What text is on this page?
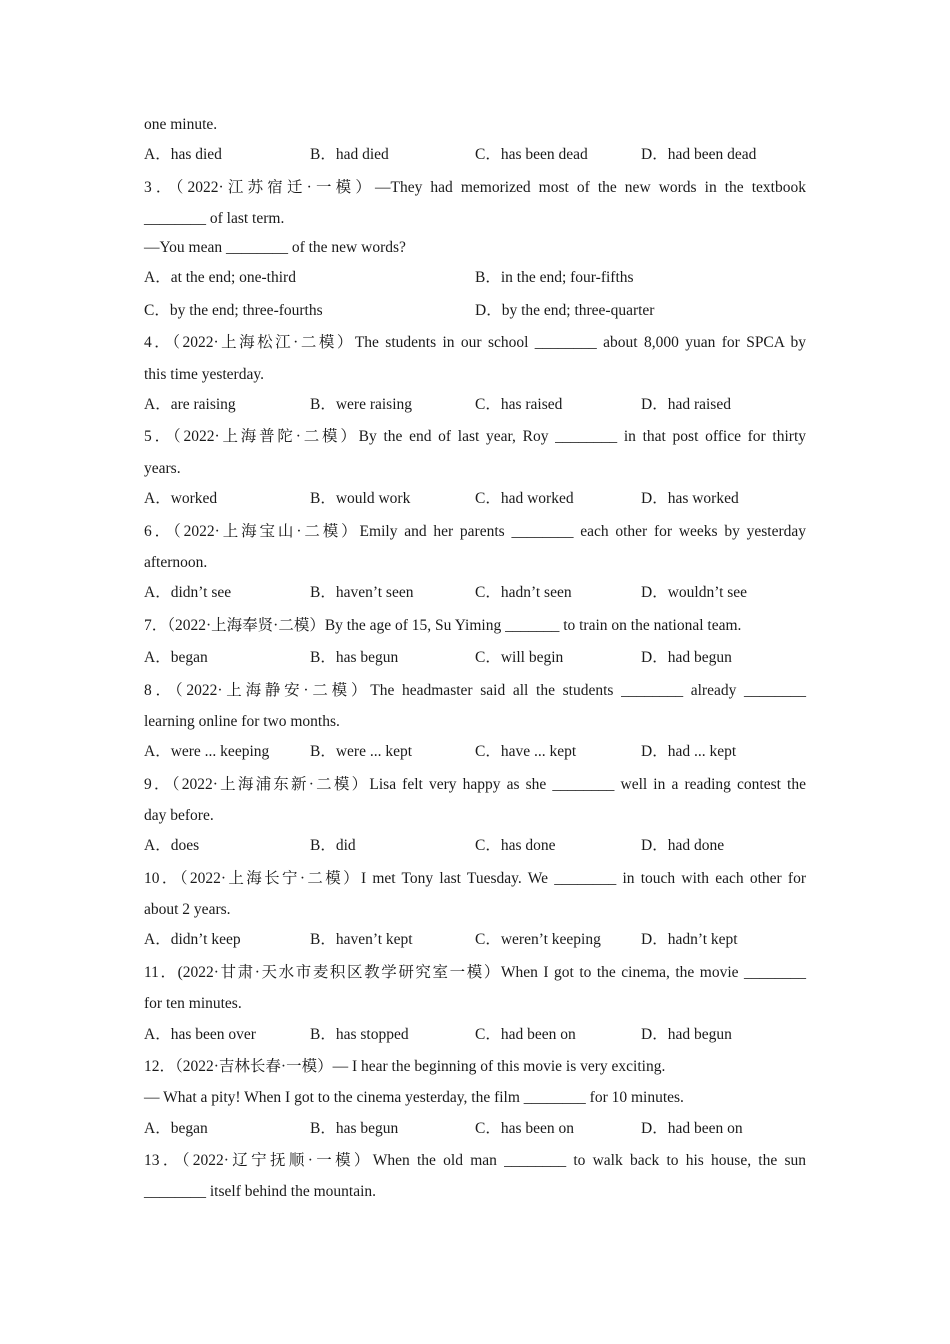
one minute.
A．has died	B．had died	C．has been dead	D．had been dead
3．（2022·江苏宿迁·一模）—They had memorized most of the new words in the textbook
________ of last term.
—You mean ________ of the new words?
A．at the end; one-third	B．in the end; four-fifths
C．by the end; three-fourths	D．by the end; three-quarter
4．（2022·上海松江·二模）The students in our school ________ about 8,000 yuan for SPCA by
this time yesterday.
A．are raising	B．were raising	C．has raised	D．had raised
5．（2022·上海普陀·二模）By the end of last year, Roy ________ in that post office for thirty
years.
A．worked	B．would work	C．had worked	D．has worked
6．（2022·上海宝山·二模）Emily and her parents ________ each other for weeks by yesterday
afternoon.
A．didn’t see	B．haven’t seen	C．hadn’t seen	D．wouldn’t see
7．（2022·上海奉贤·二模）By the age of 15, Su Yiming _______ to train on the national team.
A．began	B．has begun	C．will begin	D．had begun
8．（2022·上海静安·二模）The headmaster said all the students ________ already ________
learning online for two months.
A．were ... keeping	B．were ... kept	C．have ... kept	D．had ... kept
9．（2022·上海浦东新·二模）Lisa felt very happy as she ________ well in a reading contest the
day before.
A．does	B．did	C．has done	D．had done
10．（2022·上海长宁·二模）I met Tony last Tuesday. We ________ in touch with each other for
about 2 years.
A．didn’t keep	B．haven’t kept	C．weren’t keeping	D．hadn’t kept
11．(2022·甘肃·天水市麦积区教学研究室一模）When I got to the cinema, the movie ________
for ten minutes.
A．has been over	B．has stopped	C．had been on	D．had begun
12．（2022·吉林长春·一模）— I hear the beginning of this movie is very exciting.
— What a pity! When I got to the cinema yesterday, the film ________ for 10 minutes.
A．began	B．has begun	C．has been on	D．had been on
13．（2022·辽宁抚顺·一模）When the old man ________ to walk back to his house, the sun
________ itself behind the mountain.
